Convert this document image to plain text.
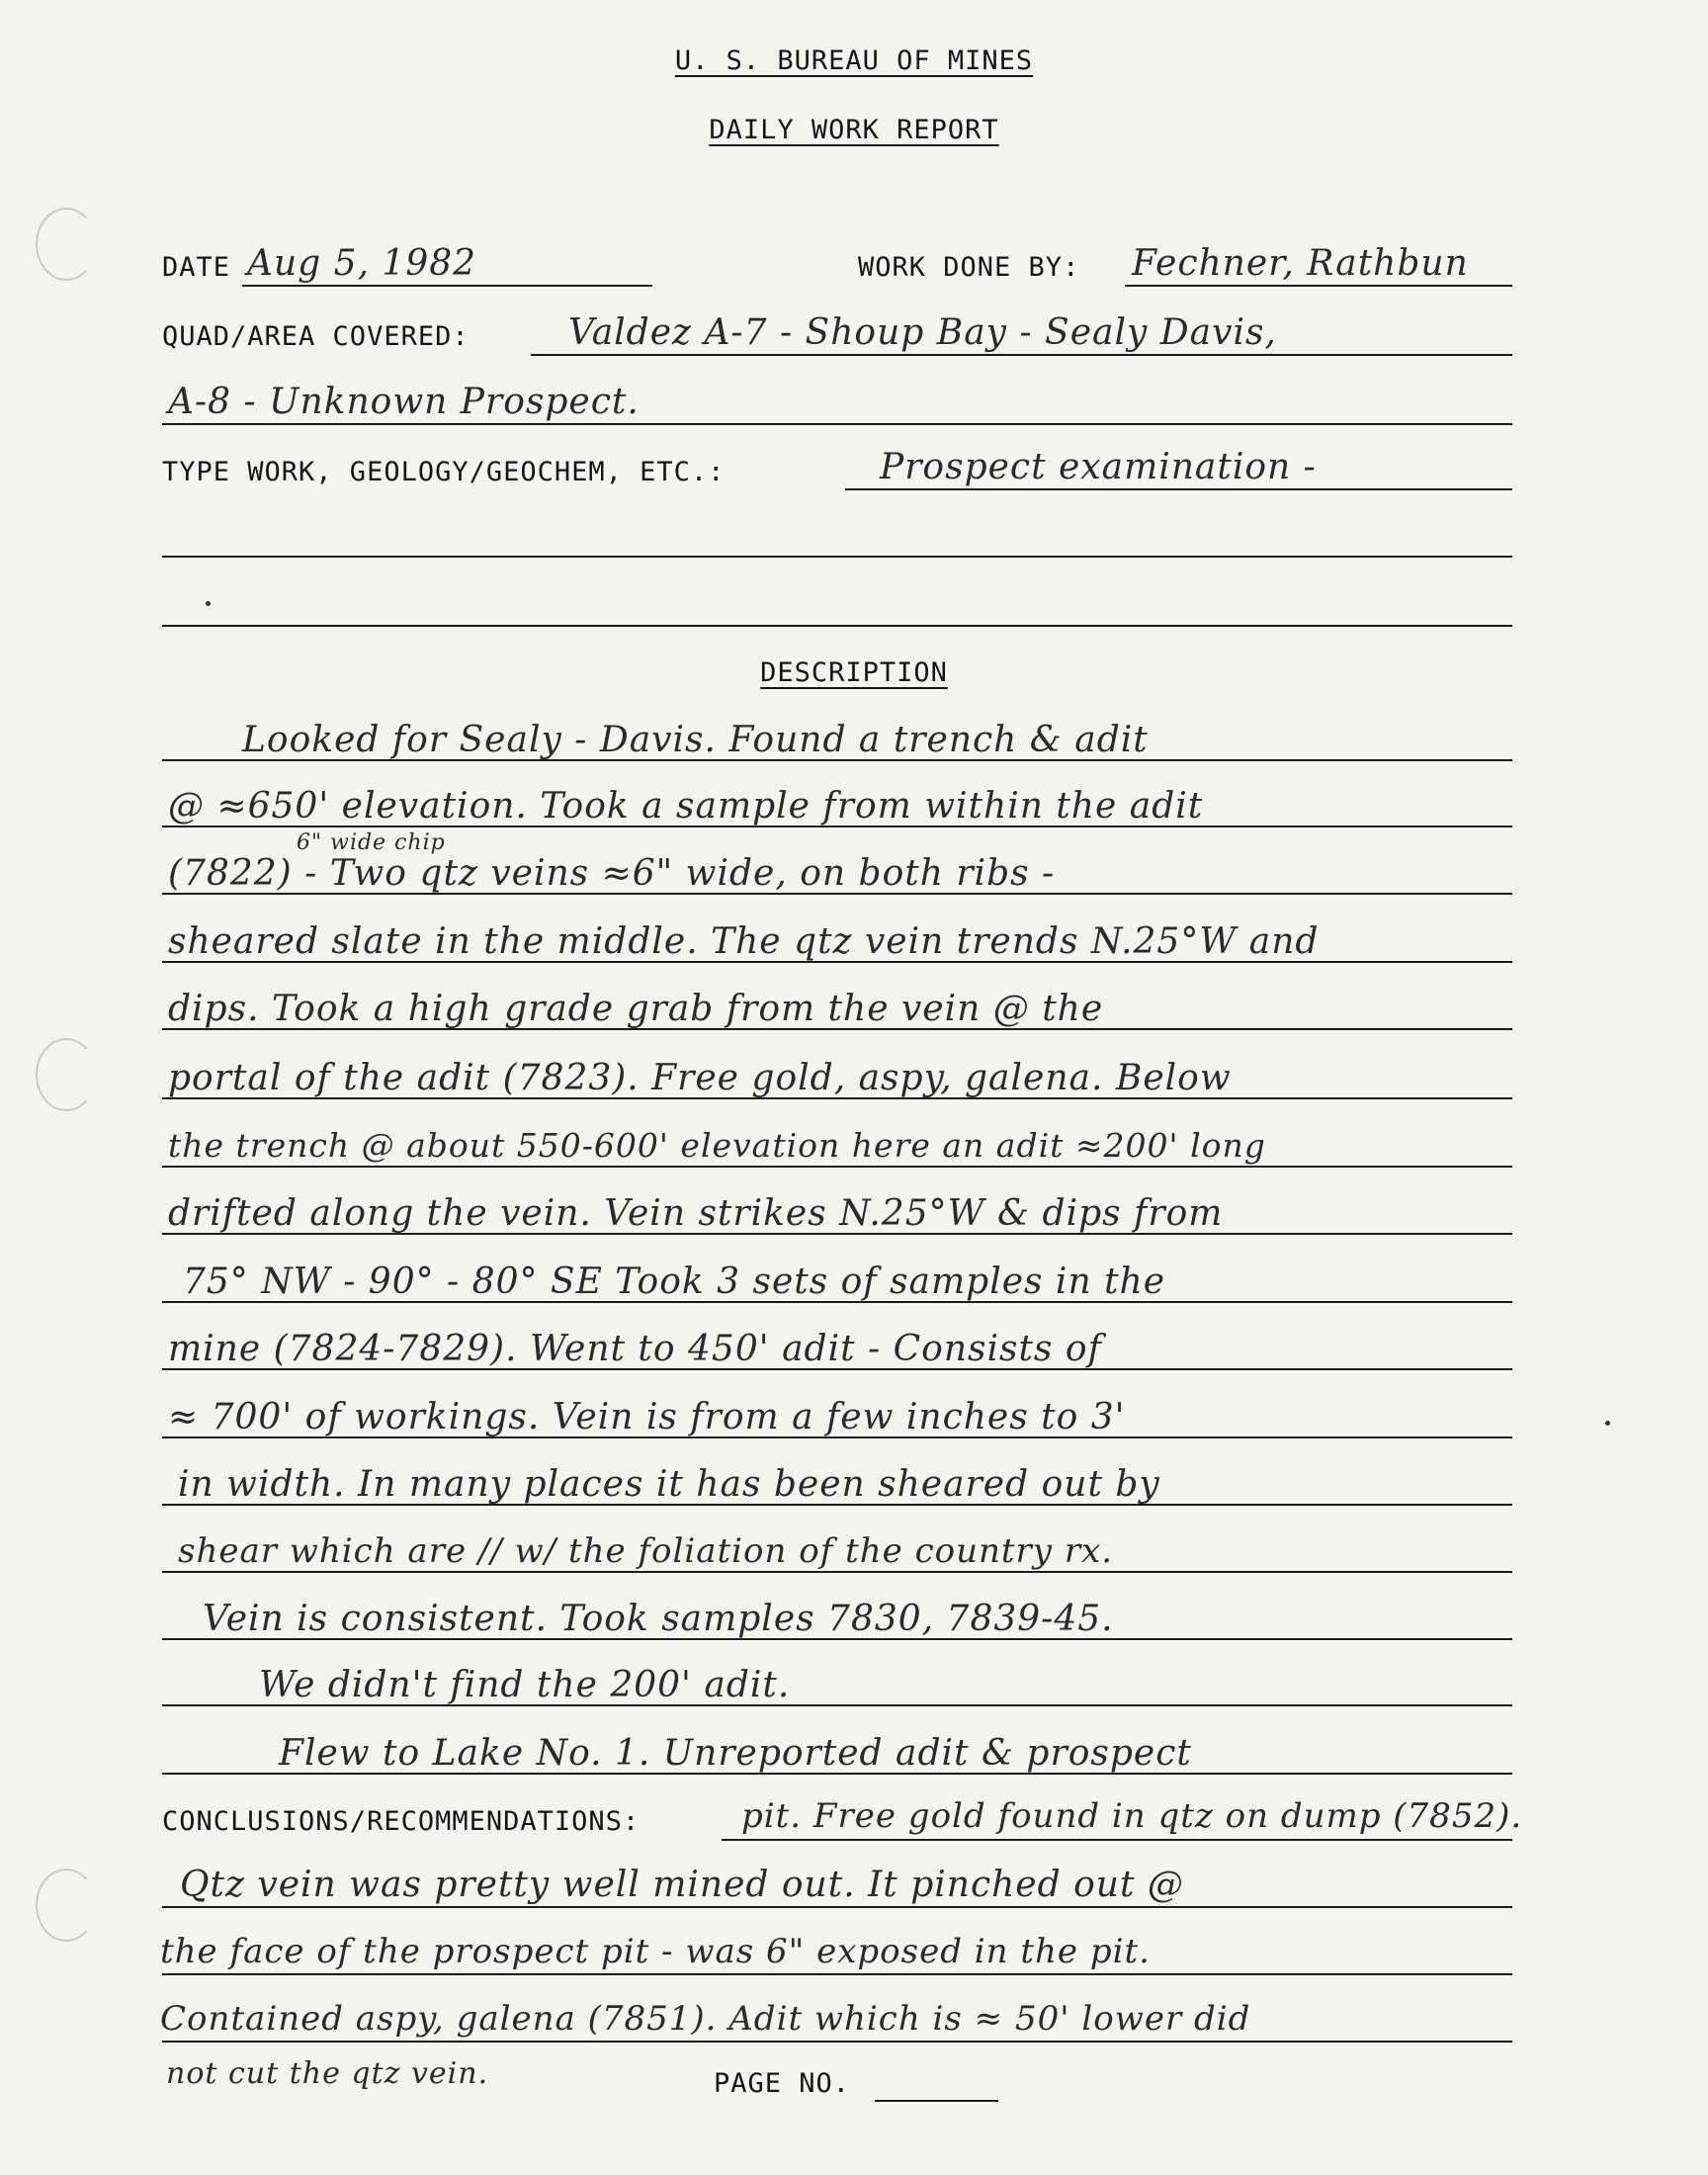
U. S. BUREAU OF MINES
DAILY WORK REPORT
DATE Aug 5, 1982	WORK DONE BY: Fechner, Rathbun
QUAD/AREA COVERED:	Valdez A-7 - Shoup Bay - Sealy Davis,
A-8 - Unknown Prospect.
TYPE WORK, GEOLOGY/GEOCHEM, ETC.:	Prospect examination -
DESCRIPTION
Looked for Sealy - Davis. Found a trench & adit
@ ≈650' elevation. Took a sample from within the adit
6" wide chip
(7822) - Two qtz veins ≈6" wide, on both ribs -
sheared slate in the middle. The qtz vein trends N.25°W and
dips. Took a high grade grab from the vein @ the
portal of the adit (7823). Free gold, aspy, galena. Below
the trench @ about 550-600' elevation here an adit ≈200' long
drifted along the vein. Vein strikes N.25°W & dips from
75° NW - 90° - 80° SE Took 3 sets of samples in the
mine (7824-7829). Went to 450' adit - Consists of
≈ 700' of workings. Vein is from a few inches to 3'
in width. In many places it has been sheared out by
shear which are // w/ the foliation of the country rx.
Vein is consistent. Took samples 7830, 7839-45.
We didn't find the 200' adit.
Flew to Lake No. 1. Unreported adit & prospect
CONCLUSIONS/RECOMMENDATIONS:	pit. Free gold found in qtz on dump (7852).
Qtz vein was pretty well mined out. It pinched out @
the face of the prospect pit - was 6" exposed in the pit.
Contained aspy, galena (7851). Adit which is ≈ 50' lower did
not cut the qtz vein.	PAGE NO.
